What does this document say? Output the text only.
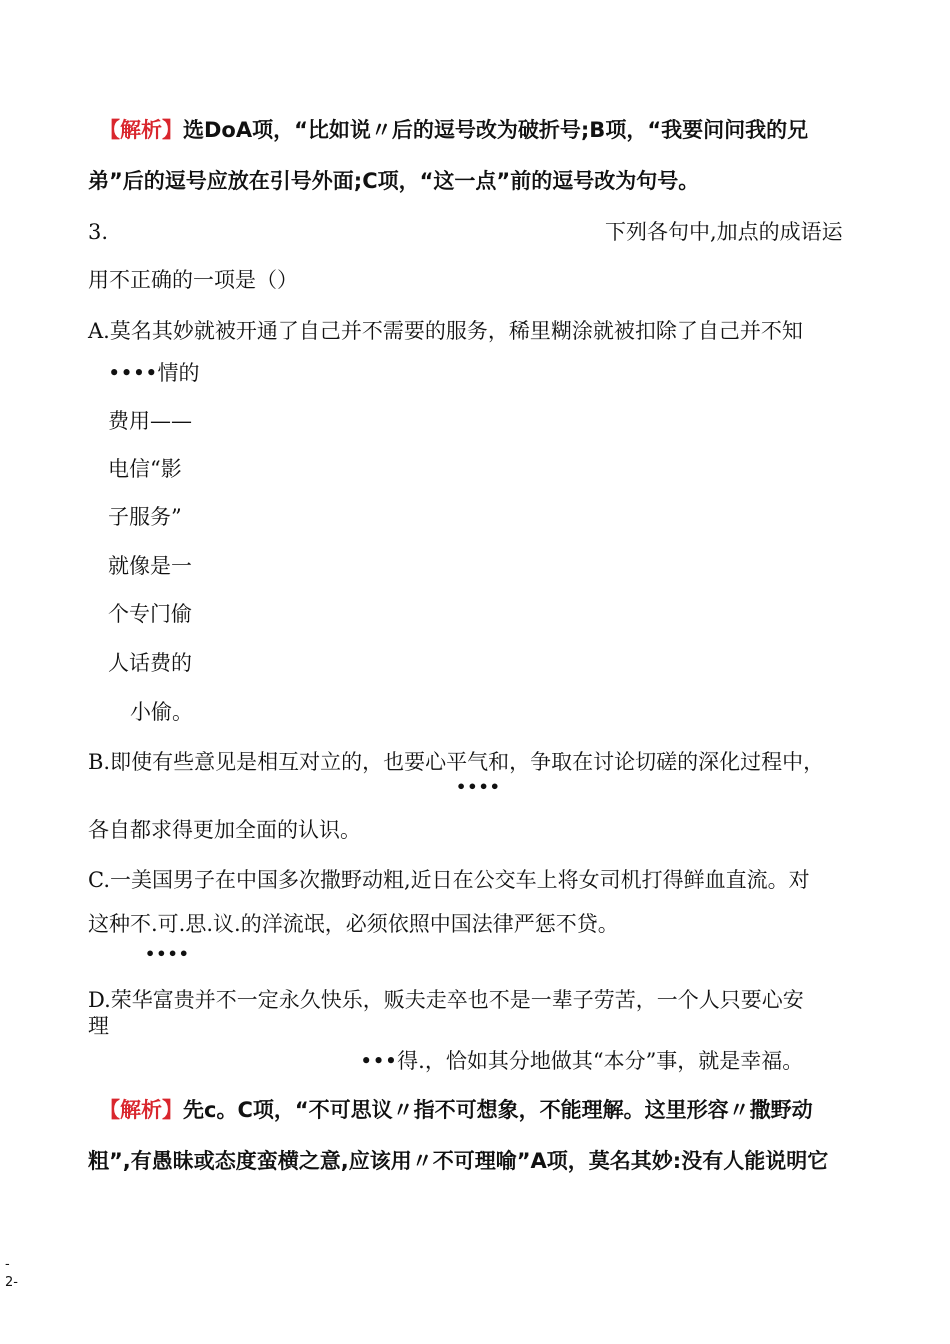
【解析】选DoA项，“比如说〃后的逗号改为破折号;B项，“我要问问我的兄
弟”后的逗号应放在引号外面;C项，“这一点”前的逗号改为句号。
3.	下列各句中,加点的成语运
用不正确的一项是（）
A.莫名其妙就被开通了自己并不需要的服务，稀里糊涂就被扣除了自己并不知
••••情的
费用——
电信“影
子服务”
就像是一
个专门偷
人话费的
小偷。
B.即使有些意见是相互对立的，也要心平气和，争取在讨论切磋的深化过程中，
••••
各自都求得更加全面的认识。
C.一美国男子在中国多次撒野动粗,近日在公交车上将女司机打得鲜血直流。对
这种不.可.思.议.的洋流氓，必须依照中国法律严惩不贷。
••••
D.荣华富贵并不一定永久快乐，贩夫走卒也不是一辈子劳苦，一个人只要心安
理
•••得.，恰如其分地做其“本分”事，就是幸福。
【解析】先c。C项，“不可思议〃指不可想象，不能理解。这里形容〃撒野动
粗”,有愚昧或态度蛮横之意,应该用〃不可理喻”A项，莫名其妙:没有人能说明它
-
2-
